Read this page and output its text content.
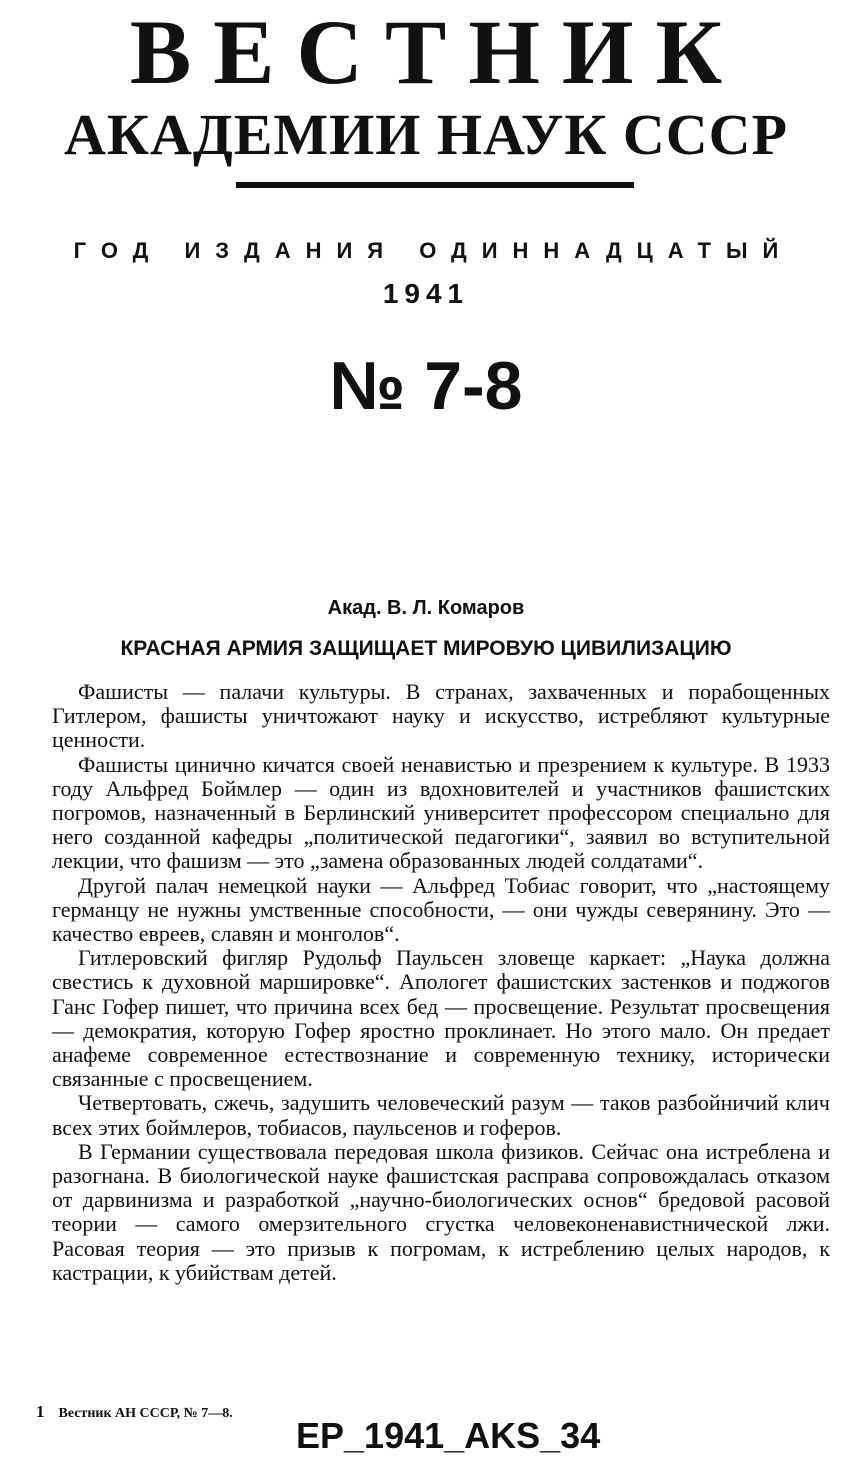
ВЕСТНИК
АКАДЕМИИ НАУК СССР
ГОД ИЗДАНИЯ ОДИННАДЦАТЫЙ
1941
№ 7-8
Акад. В. Л. Комаров
КРАСНАЯ АРМИЯ ЗАЩИЩАЕТ МИРОВУЮ ЦИВИЛИЗАЦИЮ

Фашисты — палачи культуры. В странах, захваченных и порабощенных Гитлером, фашисты уничтожают науку и искусство, истребляют культурные ценности.

Фашисты цинично кичатся своей ненавистью и презрением к культуре. В 1933 году Альфред Боймлер — один из вдохновителей и участников фашистских погромов, назначенный в Берлинский университет профессором специально для него созданной кафедры „политической педагогики“, заявил во вступительной лекции, что фашизм — это „замена образованных людей солдатами“.

Другой палач немецкой науки — Альфред Тобиас говорит, что „настоящему германцу не нужны умственные способности, — они чужды северянину. Это — качество евреев, славян и монголов“.

Гитлеровский фигляр Рудольф Паульсен зловеще каркает: „Наука должна свестись к духовной маршировке“. Апологет фашистских застенков и поджогов Ганс Гофер пишет, что причина всех бед — просвещение. Результат просвещения — демократия, которую Гофер яростно проклинает. Но этого мало. Он предает анафеме современное естествознание и современную технику, исторически связанные с просвещением.

Четвертовать, сжечь, задушить человеческий разум — таков разбойничий клич всех этих боймлеров, тобиасов, паульсенов и гоферов.

В Германии существовала передовая школа физиков. Сейчас она истреблена и разогнана. В биологической науке фашистская расправа сопровождалась отказом от дарвинизма и разработкой „научно-биологических основ“ бредовой расовой теории — самого омерзительного сгустка человеконенавистнической лжи. Расовая теория — это призыв к погромам, к истреблению целых народов, к кастрации, к убийствам детей.

1 Вестник АН СССР, № 7—8.
EP_1941_AKS_34
